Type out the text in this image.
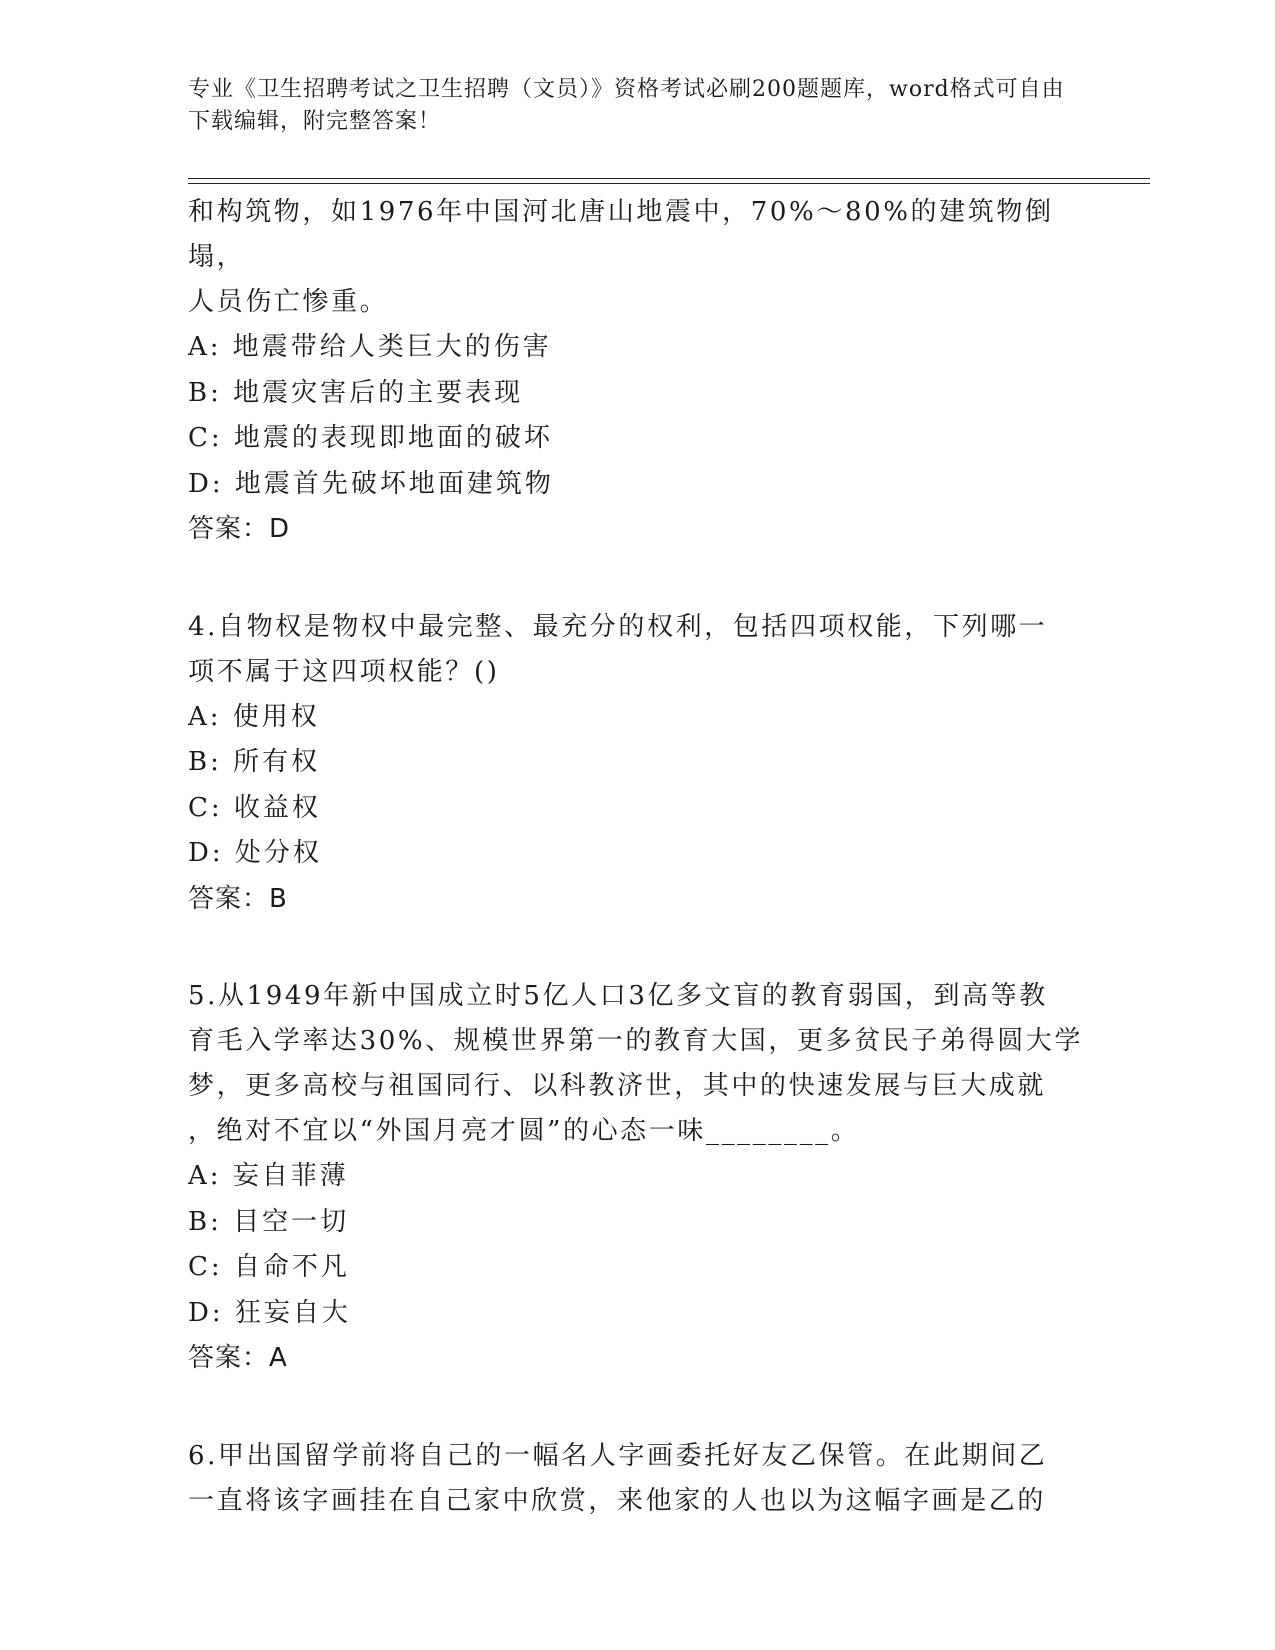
专业《卫生招聘考试之卫生招聘（文员）》资格考试必刷200题题库，word格式可自由下载编辑，附完整答案！

和构筑物，如1976年中国河北唐山地震中，70%～80%的建筑物倒塌，

人员伤亡惨重。

A: 地震带给人类巨大的伤害

B: 地震灾害后的主要表现

C: 地震的表现即地面的破坏

D: 地震首先破坏地面建筑物

答案：D

4.自物权是物权中最完整、最充分的权利，包括四项权能，下列哪一

项不属于这四项权能？()

A: 使用权

B: 所有权

C: 收益权

D: 处分权

答案：B

5.从1949年新中国成立时5亿人口3亿多文盲的教育弱国，到高等教

育毛入学率达30%、规模世界第一的教育大国，更多贫民子弟得圆大学

梦，更多高校与祖国同行、以科教济世，其中的快速发展与巨大成就

，绝对不宜以“外国月亮才圆”的心态一味________。

A: 妄自菲薄

B: 目空一切

C: 自命不凡

D: 狂妄自大

答案：A

6.甲出国留学前将自己的一幅名人字画委托好友乙保管。在此期间乙

一直将该字画挂在自己家中欣赏，来他家的人也以为这幅字画是乙的
